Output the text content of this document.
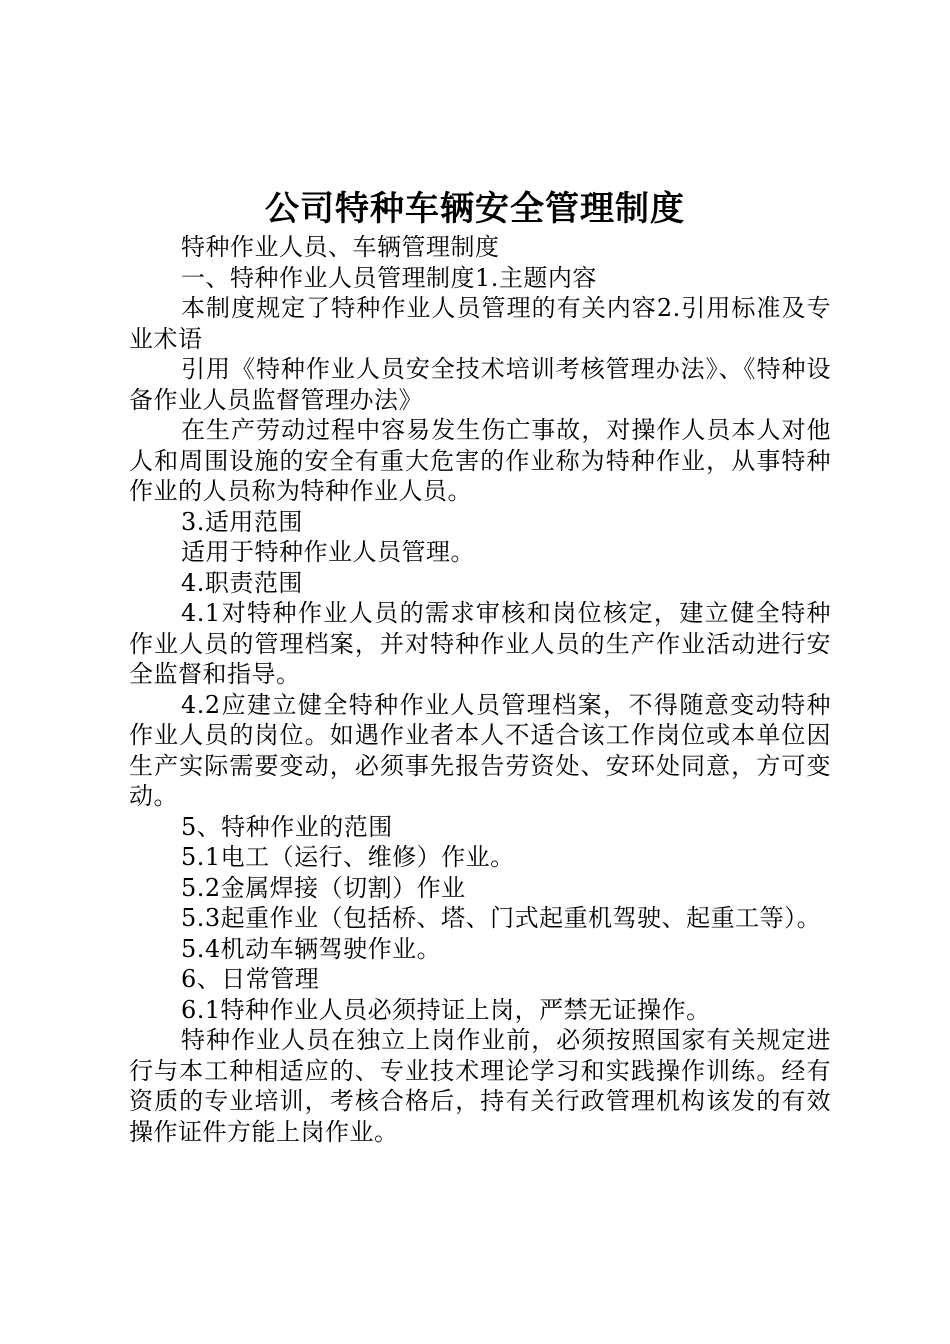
公司特种车辆安全管理制度

特种作业人员、车辆管理制度

一、特种作业人员管理制度1.主题内容

本制度规定了特种作业人员管理的有关内容2.引用标准及专业术语

引用《特种作业人员安全技术培训考核管理办法》、《特种设备作业人员监督管理办法》

在生产劳动过程中容易发生伤亡事故，对操作人员本人对他人和周围设施的安全有重大危害的作业称为特种作业，从事特种作业的人员称为特种作业人员。

3.适用范围

适用于特种作业人员管理。

4.职责范围

4.1对特种作业人员的需求审核和岗位核定，建立健全特种作业人员的管理档案，并对特种作业人员的生产作业活动进行安全监督和指导。

4.2应建立健全特种作业人员管理档案，不得随意变动特种作业人员的岗位。如遇作业者本人不适合该工作岗位或本单位因生产实际需要变动，必须事先报告劳资处、安环处同意，方可变动。

5、特种作业的范围

5.1电工（运行、维修）作业。

5.2金属焊接（切割）作业

5.3起重作业（包括桥、塔、门式起重机驾驶、起重工等）。

5.4机动车辆驾驶作业。

6、日常管理

6.1特种作业人员必须持证上岗，严禁无证操作。

特种作业人员在独立上岗作业前，必须按照国家有关规定进行与本工种相适应的、专业技术理论学习和实践操作训练。经有资质的专业培训，考核合格后，持有关行政管理机构该发的有效操作证件方能上岗作业。
